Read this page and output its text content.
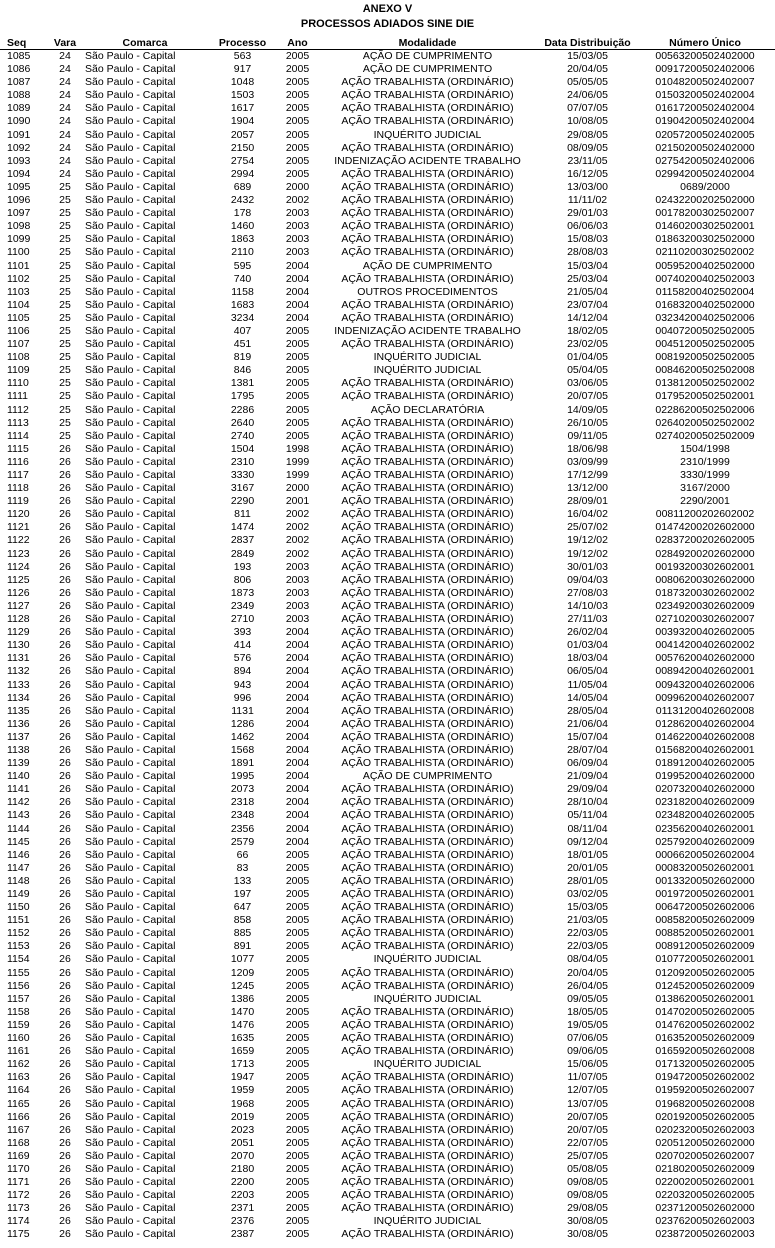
ANEXO V
PROCESSOS ADIADOS SINE DIE
Seq	Vara	Comarca	Processo	Ano	Modalidade	Data Distribuição	Número Único
1085	24	São Paulo - Capital	563	2005	AÇÃO DE CUMPRIMENTO	15/03/05	00563200502402000
1086	24	São Paulo - Capital	917	2005	AÇÃO DE CUMPRIMENTO	20/04/05	00917200502402006
1087	24	São Paulo - Capital	1048	2005	AÇÃO TRABALHISTA (ORDINÁRIO)	05/05/05	01048200502402007
1088	24	São Paulo - Capital	1503	2005	AÇÃO TRABALHISTA (ORDINÁRIO)	24/06/05	01503200502402004
1089	24	São Paulo - Capital	1617	2005	AÇÃO TRABALHISTA (ORDINÁRIO)	07/07/05	01617200502402004
1090	24	São Paulo - Capital	1904	2005	AÇÃO TRABALHISTA (ORDINÁRIO)	10/08/05	01904200502402004
1091	24	São Paulo - Capital	2057	2005	INQUÉRITO JUDICIAL	29/08/05	02057200502402005
1092	24	São Paulo - Capital	2150	2005	AÇÃO TRABALHISTA (ORDINÁRIO)	08/09/05	02150200502402000
1093	24	São Paulo - Capital	2754	2005	INDENIZAÇÃO ACIDENTE TRABALHO	23/11/05	02754200502402006
1094	24	São Paulo - Capital	2994	2005	AÇÃO TRABALHISTA (ORDINÁRIO)	16/12/05	02994200502402004
1095	25	São Paulo - Capital	689	2000	AÇÃO TRABALHISTA (ORDINÁRIO)	13/03/00	0689/2000
1096	25	São Paulo - Capital	2432	2002	AÇÃO TRABALHISTA (ORDINÁRIO)	11/11/02	02432200202502000
1097	25	São Paulo - Capital	178	2003	AÇÃO TRABALHISTA (ORDINÁRIO)	29/01/03	00178200302502007
1098	25	São Paulo - Capital	1460	2003	AÇÃO TRABALHISTA (ORDINÁRIO)	06/06/03	01460200302502001
1099	25	São Paulo - Capital	1863	2003	AÇÃO TRABALHISTA (ORDINÁRIO)	15/08/03	01863200302502000
1100	25	São Paulo - Capital	2110	2003	AÇÃO TRABALHISTA (ORDINÁRIO)	28/08/03	02110200302502002
1101	25	São Paulo - Capital	595	2004	AÇÃO DE CUMPRIMENTO	15/03/04	00595200402502000
1102	25	São Paulo - Capital	740	2004	AÇÃO TRABALHISTA (ORDINÁRIO)	25/03/04	00740200402502003
1103	25	São Paulo - Capital	1158	2004	OUTROS PROCEDIMENTOS	21/05/04	01158200402502004
1104	25	São Paulo - Capital	1683	2004	AÇÃO TRABALHISTA (ORDINÁRIO)	23/07/04	01683200402502000
1105	25	São Paulo - Capital	3234	2004	AÇÃO TRABALHISTA (ORDINÁRIO)	14/12/04	03234200402502006
1106	25	São Paulo - Capital	407	2005	INDENIZAÇÃO ACIDENTE TRABALHO	18/02/05	00407200502502005
1107	25	São Paulo - Capital	451	2005	AÇÃO TRABALHISTA (ORDINÁRIO)	23/02/05	00451200502502005
1108	25	São Paulo - Capital	819	2005	INQUÉRITO JUDICIAL	01/04/05	00819200502502005
1109	25	São Paulo - Capital	846	2005	INQUÉRITO JUDICIAL	05/04/05	00846200502502008
1110	25	São Paulo - Capital	1381	2005	AÇÃO TRABALHISTA (ORDINÁRIO)	03/06/05	01381200502502002
1111	25	São Paulo - Capital	1795	2005	AÇÃO TRABALHISTA (ORDINÁRIO)	20/07/05	01795200502502001
1112	25	São Paulo - Capital	2286	2005	AÇÃO DECLARATÓRIA	14/09/05	02286200502502006
1113	25	São Paulo - Capital	2640	2005	AÇÃO TRABALHISTA (ORDINÁRIO)	26/10/05	02640200502502002
1114	25	São Paulo - Capital	2740	2005	AÇÃO TRABALHISTA (ORDINÁRIO)	09/11/05	02740200502502009
1115	26	São Paulo - Capital	1504	1998	AÇÃO TRABALHISTA (ORDINÁRIO)	18/06/98	1504/1998
1116	26	São Paulo - Capital	2310	1999	AÇÃO TRABALHISTA (ORDINÁRIO)	03/09/99	2310/1999
1117	26	São Paulo - Capital	3330	1999	AÇÃO TRABALHISTA (ORDINÁRIO)	17/12/99	3330/1999
1118	26	São Paulo - Capital	3167	2000	AÇÃO TRABALHISTA (ORDINÁRIO)	13/12/00	3167/2000
1119	26	São Paulo - Capital	2290	2001	AÇÃO TRABALHISTA (ORDINÁRIO)	28/09/01	2290/2001
1120	26	São Paulo - Capital	811	2002	AÇÃO TRABALHISTA (ORDINÁRIO)	16/04/02	00811200202602002
1121	26	São Paulo - Capital	1474	2002	AÇÃO TRABALHISTA (ORDINÁRIO)	25/07/02	01474200202602000
1122	26	São Paulo - Capital	2837	2002	AÇÃO TRABALHISTA (ORDINÁRIO)	19/12/02	02837200202602005
1123	26	São Paulo - Capital	2849	2002	AÇÃO TRABALHISTA (ORDINÁRIO)	19/12/02	02849200202602000
1124	26	São Paulo - Capital	193	2003	AÇÃO TRABALHISTA (ORDINÁRIO)	30/01/03	00193200302602001
1125	26	São Paulo - Capital	806	2003	AÇÃO TRABALHISTA (ORDINÁRIO)	09/04/03	00806200302602000
1126	26	São Paulo - Capital	1873	2003	AÇÃO TRABALHISTA (ORDINÁRIO)	27/08/03	01873200302602002
1127	26	São Paulo - Capital	2349	2003	AÇÃO TRABALHISTA (ORDINÁRIO)	14/10/03	02349200302602009
1128	26	São Paulo - Capital	2710	2003	AÇÃO TRABALHISTA (ORDINÁRIO)	27/11/03	02710200302602007
1129	26	São Paulo - Capital	393	2004	AÇÃO TRABALHISTA (ORDINÁRIO)	26/02/04	00393200402602005
1130	26	São Paulo - Capital	414	2004	AÇÃO TRABALHISTA (ORDINÁRIO)	01/03/04	00414200402602002
1131	26	São Paulo - Capital	576	2004	AÇÃO TRABALHISTA (ORDINÁRIO)	18/03/04	00576200402602000
1132	26	São Paulo - Capital	894	2004	AÇÃO TRABALHISTA (ORDINÁRIO)	06/05/04	00894200402602001
1133	26	São Paulo - Capital	943	2004	AÇÃO TRABALHISTA (ORDINÁRIO)	11/05/04	00943200402602006
1134	26	São Paulo - Capital	996	2004	AÇÃO TRABALHISTA (ORDINÁRIO)	14/05/04	00996200402602007
1135	26	São Paulo - Capital	1131	2004	AÇÃO TRABALHISTA (ORDINÁRIO)	28/05/04	01131200402602008
1136	26	São Paulo - Capital	1286	2004	AÇÃO TRABALHISTA (ORDINÁRIO)	21/06/04	01286200402602004
1137	26	São Paulo - Capital	1462	2004	AÇÃO TRABALHISTA (ORDINÁRIO)	15/07/04	01462200402602008
1138	26	São Paulo - Capital	1568	2004	AÇÃO TRABALHISTA (ORDINÁRIO)	28/07/04	01568200402602001
1139	26	São Paulo - Capital	1891	2004	AÇÃO TRABALHISTA (ORDINÁRIO)	06/09/04	01891200402602005
1140	26	São Paulo - Capital	1995	2004	AÇÃO DE CUMPRIMENTO	21/09/04	01995200402602000
1141	26	São Paulo - Capital	2073	2004	AÇÃO TRABALHISTA (ORDINÁRIO)	29/09/04	02073200402602000
1142	26	São Paulo - Capital	2318	2004	AÇÃO TRABALHISTA (ORDINÁRIO)	28/10/04	02318200402602009
1143	26	São Paulo - Capital	2348	2004	AÇÃO TRABALHISTA (ORDINÁRIO)	05/11/04	02348200402602005
1144	26	São Paulo - Capital	2356	2004	AÇÃO TRABALHISTA (ORDINÁRIO)	08/11/04	02356200402602001
1145	26	São Paulo - Capital	2579	2004	AÇÃO TRABALHISTA (ORDINÁRIO)	09/12/04	02579200402602009
1146	26	São Paulo - Capital	66	2005	AÇÃO TRABALHISTA (ORDINÁRIO)	18/01/05	00066200502602004
1147	26	São Paulo - Capital	83	2005	AÇÃO TRABALHISTA (ORDINÁRIO)	20/01/05	00083200502602001
1148	26	São Paulo - Capital	133	2005	AÇÃO TRABALHISTA (ORDINÁRIO)	28/01/05	00133200502602000
1149	26	São Paulo - Capital	197	2005	AÇÃO TRABALHISTA (ORDINÁRIO)	03/02/05	00197200502602001
1150	26	São Paulo - Capital	647	2005	AÇÃO TRABALHISTA (ORDINÁRIO)	15/03/05	00647200502602006
1151	26	São Paulo - Capital	858	2005	AÇÃO TRABALHISTA (ORDINÁRIO)	21/03/05	00858200502602009
1152	26	São Paulo - Capital	885	2005	AÇÃO TRABALHISTA (ORDINÁRIO)	22/03/05	00885200502602001
1153	26	São Paulo - Capital	891	2005	AÇÃO TRABALHISTA (ORDINÁRIO)	22/03/05	00891200502602009
1154	26	São Paulo - Capital	1077	2005	INQUÉRITO JUDICIAL	08/04/05	01077200502602001
1155	26	São Paulo - Capital	1209	2005	AÇÃO TRABALHISTA (ORDINÁRIO)	20/04/05	01209200502602005
1156	26	São Paulo - Capital	1245	2005	AÇÃO TRABALHISTA (ORDINÁRIO)	26/04/05	01245200502602009
1157	26	São Paulo - Capital	1386	2005	INQUÉRITO JUDICIAL	09/05/05	01386200502602001
1158	26	São Paulo - Capital	1470	2005	AÇÃO TRABALHISTA (ORDINÁRIO)	18/05/05	01470200502602005
1159	26	São Paulo - Capital	1476	2005	AÇÃO TRABALHISTA (ORDINÁRIO)	19/05/05	01476200502602002
1160	26	São Paulo - Capital	1635	2005	AÇÃO TRABALHISTA (ORDINÁRIO)	07/06/05	01635200502602009
1161	26	São Paulo - Capital	1659	2005	AÇÃO TRABALHISTA (ORDINÁRIO)	09/06/05	01659200502602008
1162	26	São Paulo - Capital	1713	2005	INQUÉRITO JUDICIAL	15/06/05	01713200502602005
1163	26	São Paulo - Capital	1947	2005	AÇÃO TRABALHISTA (ORDINÁRIO)	11/07/05	01947200502602002
1164	26	São Paulo - Capital	1959	2005	AÇÃO TRABALHISTA (ORDINÁRIO)	12/07/05	01959200502602007
1165	26	São Paulo - Capital	1968	2005	AÇÃO TRABALHISTA (ORDINÁRIO)	13/07/05	01968200502602008
1166	26	São Paulo - Capital	2019	2005	AÇÃO TRABALHISTA (ORDINÁRIO)	20/07/05	02019200502602005
1167	26	São Paulo - Capital	2023	2005	AÇÃO TRABALHISTA (ORDINÁRIO)	20/07/05	02023200502602003
1168	26	São Paulo - Capital	2051	2005	AÇÃO TRABALHISTA (ORDINÁRIO)	22/07/05	02051200502602000
1169	26	São Paulo - Capital	2070	2005	AÇÃO TRABALHISTA (ORDINÁRIO)	25/07/05	02070200502602007
1170	26	São Paulo - Capital	2180	2005	AÇÃO TRABALHISTA (ORDINÁRIO)	05/08/05	02180200502602009
1171	26	São Paulo - Capital	2200	2005	AÇÃO TRABALHISTA (ORDINÁRIO)	09/08/05	02200200502602001
1172	26	São Paulo - Capital	2203	2005	AÇÃO TRABALHISTA (ORDINÁRIO)	09/08/05	02203200502602005
1173	26	São Paulo - Capital	2371	2005	AÇÃO TRABALHISTA (ORDINÁRIO)	29/08/05	02371200502602000
1174	26	São Paulo - Capital	2376	2005	INQUÉRITO JUDICIAL	30/08/05	02376200502602003
1175	26	São Paulo - Capital	2387	2005	AÇÃO TRABALHISTA (ORDINÁRIO)	30/08/05	02387200502602003
